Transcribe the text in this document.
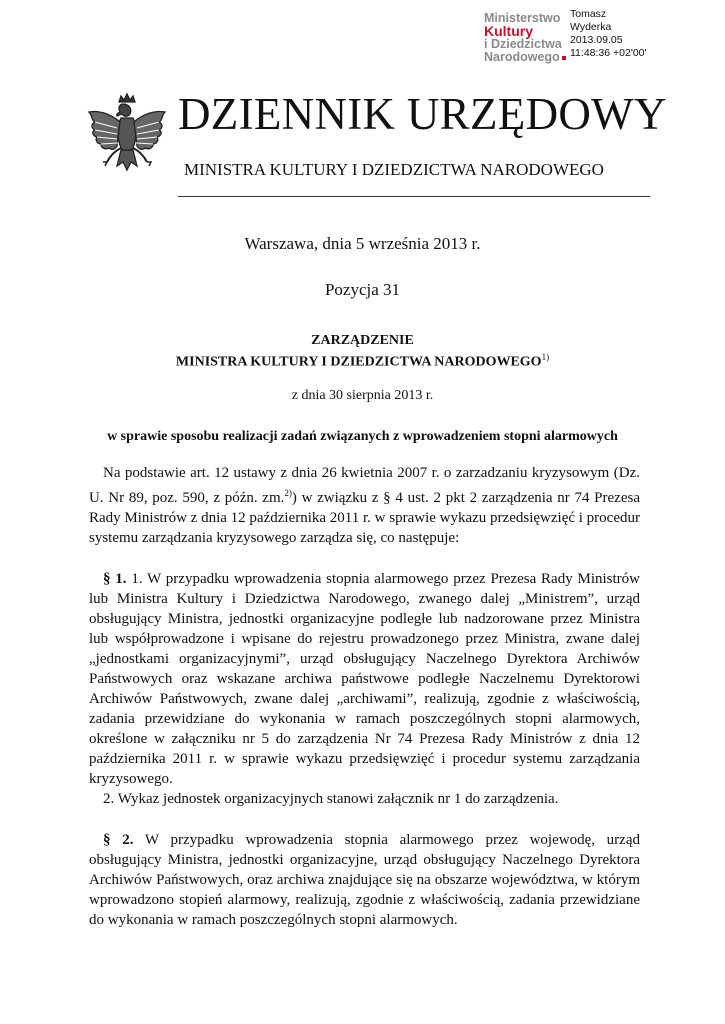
Ministerstwo
Kultury
i Dziedzictwa
Narodowego
Tomasz
Wyderka
2013.09.05
11:48:36 +02'00'
DZIENNIK URZĘDOWY
MINISTRA KULTURY I DZIEDZICTWA NARODOWEGO

Warszawa, dnia 5 września 2013 r.

Pozycja 31

ZARZĄDZENIE

MINISTRA KULTURY I DZIEDZICTWA NARODOWEGO$^{1)}$

z dnia 30 sierpnia 2013 r.

w sprawie sposobu realizacji zadań związanych z wprowadzeniem stopni alarmowych

Na podstawie art. 12 ustawy z dnia 26 kwietnia 2007 r. o zarzadzaniu kryzysowym (Dz. U. Nr 89, poz. 590, z późn. zm.$^{2)}$) w związku z § 4 ust. 2 pkt 2 zarządzenia nr 74 Prezesa Rady Ministrów z dnia 12 października 2011 r. w sprawie wykazu przedsięwzięć i procedur systemu zarządzania kryzysowego zarządza się, co następuje:

§ 1. 1. W przypadku wprowadzenia stopnia alarmowego przez Prezesa Rady Ministrów lub Ministra Kultury i Dziedzictwa Narodowego, zwanego dalej „Ministrem”, urząd obsługujący Ministra, jednostki organizacyjne podległe lub nadzorowane przez Ministra lub współprowadzone i wpisane do rejestru prowadzonego przez Ministra, zwane dalej „jednostkami organizacyjnymi”, urząd obsługujący Naczelnego Dyrektora Archiwów Państwowych oraz wskazane archiwa państwowe podległe Naczelnemu Dyrektorowi Archiwów Państwowych, zwane dalej „archiwami”, realizują, zgodnie z właściwością, zadania przewidziane do wykonania w ramach poszczególnych stopni alarmowych, określone w załączniku nr 5 do zarządzenia Nr 74 Prezesa Rady Ministrów z dnia 12 października 2011 r. w sprawie wykazu przedsięwzięć i procedur systemu zarządzania kryzysowego.

2. Wykaz jednostek organizacyjnych stanowi załącznik nr 1 do zarządzenia.

§ 2. W przypadku wprowadzenia stopnia alarmowego przez wojewodę, urząd obsługujący Ministra, jednostki organizacyjne, urząd obsługujący Naczelnego Dyrektora Archiwów Państwowych, oraz archiwa znajdujące się na obszarze województwa, w którym wprowadzono stopień alarmowy, realizują, zgodnie z właściwością, zadania przewidziane do wykonania w ramach poszczególnych stopni alarmowych.
